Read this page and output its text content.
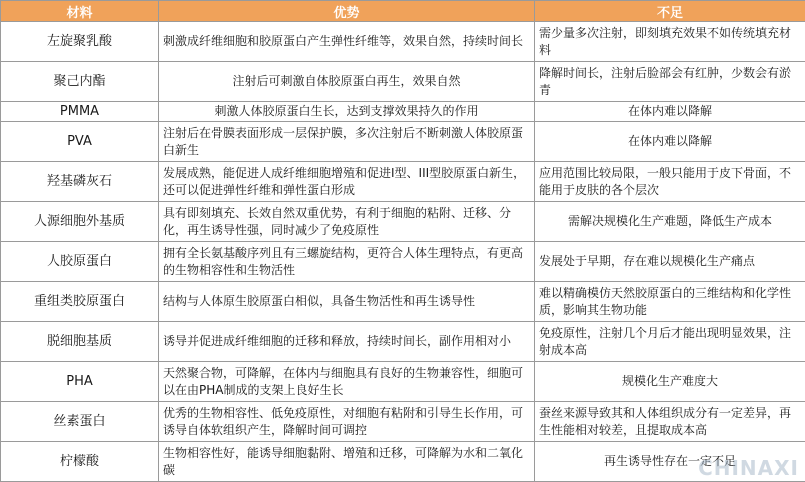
材料	优势	不足
左旋聚乳酸	刺激成纤维细胞和胶原蛋白产生弹性纤维等，效果自然，持续时间长	需少量多次注射，即刻填充效果不如传统填充材料
聚己内酯	注射后可刺激自体胶原蛋白再生，效果自然	降解时间长，注射后脸部会有红肿，少数会有淤青
PMMA	刺激人体胶原蛋白生长，达到支撑效果持久的作用	在体内难以降解
PVA	注射后在骨膜表面形成一层保护膜，多次注射后不断刺激人体胶原蛋白新生	在体内难以降解
羟基磷灰石	发展成熟，能促进人成纤维细胞增殖和促进I型、III型胶原蛋白新生，还可以促进弹性纤维和弹性蛋白形成	应用范围比较局限，一般只能用于皮下骨面，不能用于皮肤的各个层次
人源细胞外基质	具有即刻填充、长效自然双重优势，有利于细胞的粘附、迁移、分化，再生诱导性强，同时减少了免疫原性	需解决规模化生产难题，降低生产成本
人胶原蛋白	拥有全长氨基酸序列且有三螺旋结构，更符合人体生理特点，有更高的生物相容性和生物活性	发展处于早期，存在难以规模化生产痛点
重组类胶原蛋白	结构与人体原生胶原蛋白相似，具备生物活性和再生诱导性	难以精确模仿天然胶原蛋白的三维结构和化学性质，影响其生物功能
脱细胞基质	诱导并促进成纤维细胞的迁移和释放，持续时间长，副作用相对小	免疫原性，注射几个月后才能出现明显效果，注射成本高
PHA	天然聚合物，可降解，在体内与细胞具有良好的生物兼容性，细胞可以在由PHA制成的支架上良好生长	规模化生产难度大
丝素蛋白	优秀的生物相容性、低免疫原性，对细胞有粘附和引导生长作用，可诱导自体软组织产生，降解时间可调控	蚕丝来源导致其和人体组织成分有一定差异，再生性能相对较差，且提取成本高
柠檬酸	生物相容性好，能诱导细胞黏附、增殖和迁移，可降解为水和二氧化碳	再生诱导性存在一定不足
CHINAXI
